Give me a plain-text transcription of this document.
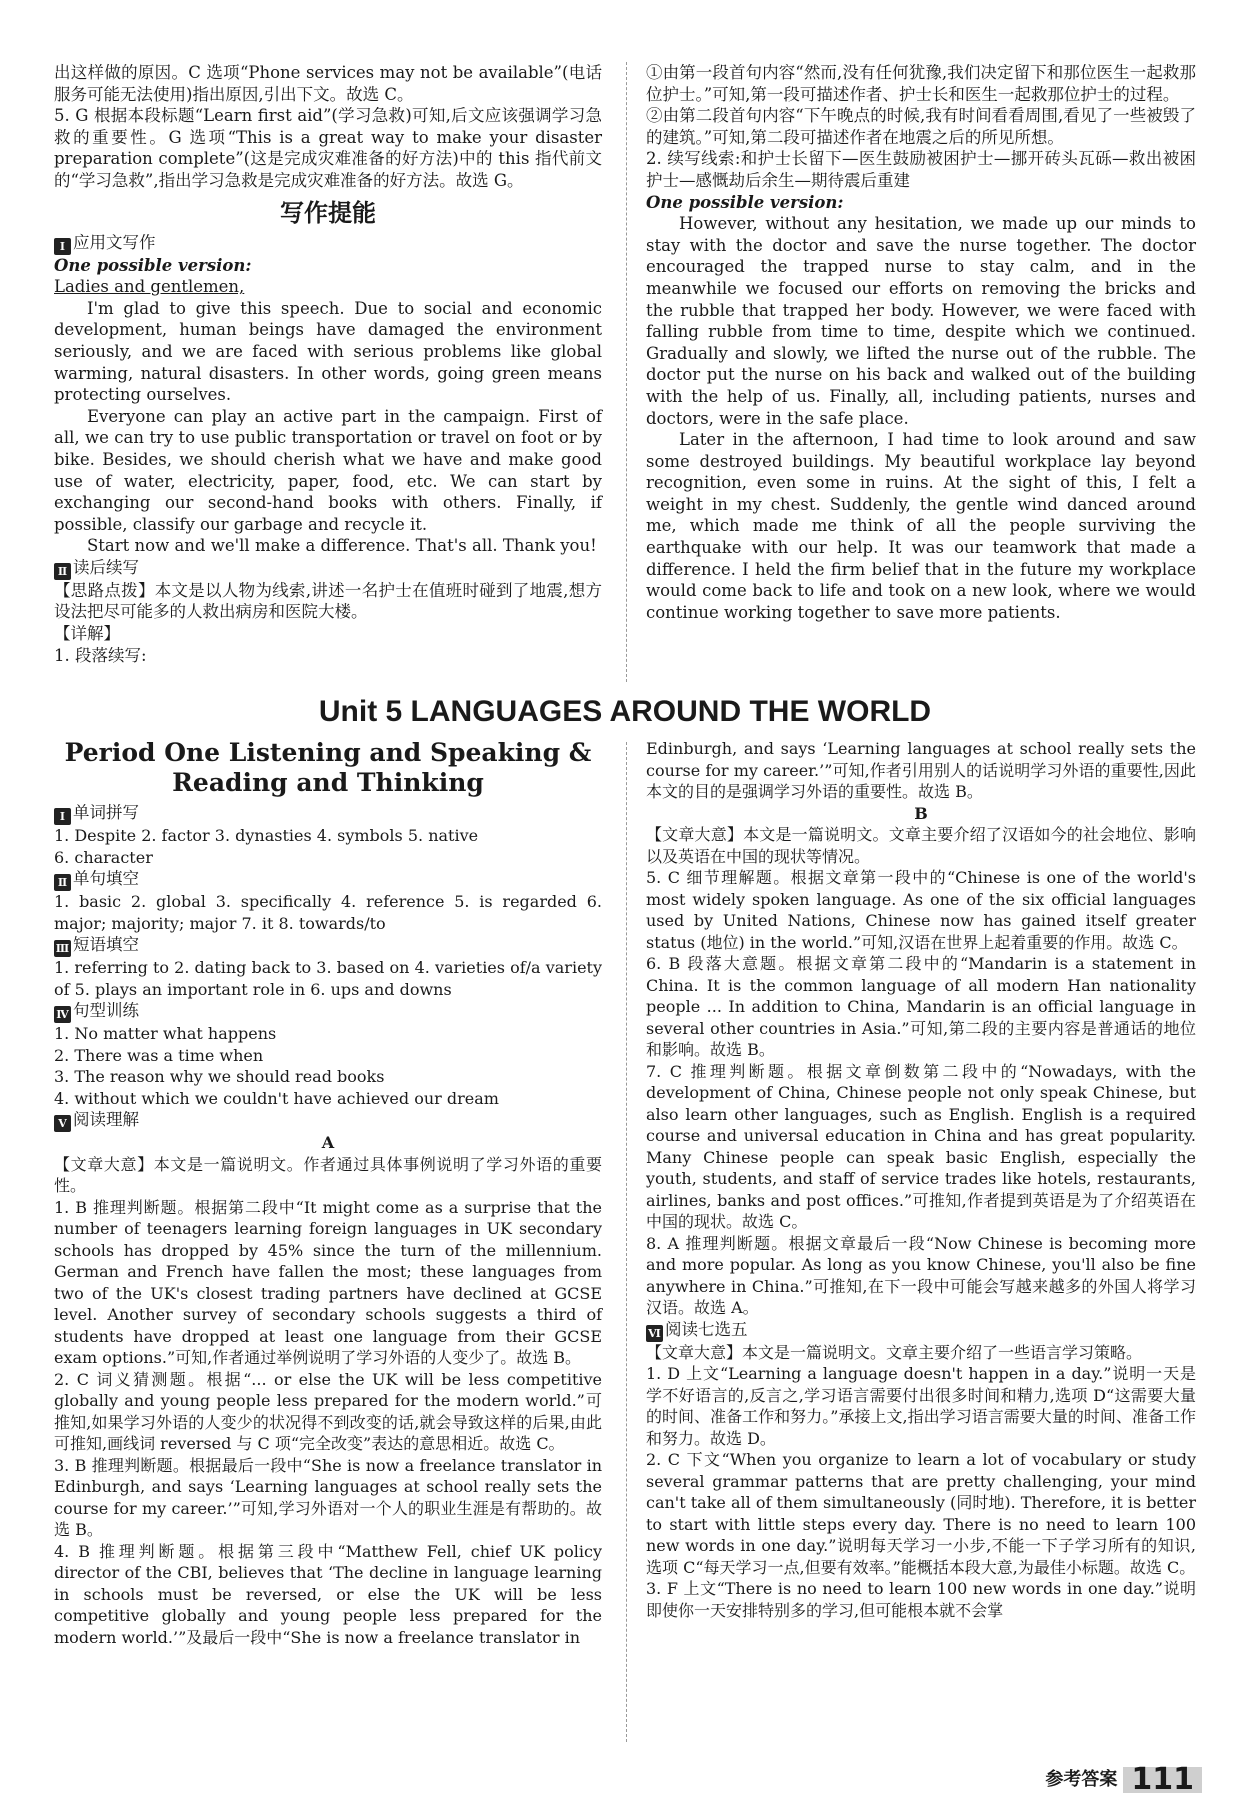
出这样做的原因。C 选项“Phone services may not be available”(电话服务可能无法使用)指出原因,引出下文。故选 C。

5. G 根据本段标题“Learn first aid”(学习急救)可知,后文应该强调学习急救的重要性。G 选项“This is a great way to make your disaster preparation complete”(这是完成灾难准备的好方法)中的 this 指代前文的“学习急救”,指出学习急救是完成灾难准备的好方法。故选 G。

写作提能

Ⅰ 应用文写作

One possible version:

Ladies and gentlemen,

I'm glad to give this speech. Due to social and economic development, human beings have damaged the environment seriously, and we are faced with serious problems like global warming, natural disasters. In other words, going green means protecting ourselves.

Everyone can play an active part in the campaign. First of all, we can try to use public transportation or travel on foot or by bike. Besides, we should cherish what we have and make good use of water, electricity, paper, food, etc. We can start by exchanging our second-hand books with others. Finally, if possible, classify our garbage and recycle it.

Start now and we'll make a difference. That's all. Thank you!

Ⅱ 读后续写

【思路点拨】本文是以人物为线索,讲述一名护士在值班时碰到了地震,想方设法把尽可能多的人救出病房和医院大楼。

【详解】

1. 段落续写:

①由第一段首句内容“然而,没有任何犹豫,我们决定留下和那位医生一起救那位护士。”可知,第一段可描述作者、护士长和医生一起救那位护士的过程。

②由第二段首句内容“下午晚点的时候,我有时间看看周围,看见了一些被毁了的建筑。”可知,第二段可描述作者在地震之后的所见所想。

2. 续写线索:和护士长留下—医生鼓励被困护士—挪开砖头瓦砾—救出被困护士—感慨劫后余生—期待震后重建

One possible version:

However, without any hesitation, we made up our minds to stay with the doctor and save the nurse together. The doctor encouraged the trapped nurse to stay calm, and in the meanwhile we focused our efforts on removing the bricks and the rubble that trapped her body. However, we were faced with falling rubble from time to time, despite which we continued. Gradually and slowly, we lifted the nurse out of the rubble. The doctor put the nurse on his back and walked out of the building with the help of us. Finally, all, including patients, nurses and doctors, were in the safe place.

Later in the afternoon, I had time to look around and saw some destroyed buildings. My beautiful workplace lay beyond recognition, even some in ruins. At the sight of this, I felt a weight in my chest. Suddenly, the gentle wind danced around me, which made me think of all the people surviving the earthquake with our help. It was our teamwork that made a difference. I held the firm belief that in the future my workplace would come back to life and took on a new look, where we would continue working together to save more patients.

Unit 5 LANGUAGES AROUND THE WORLD
Period One Listening and Speaking &
Reading and Thinking

Ⅰ 单词拼写

1. Despite 2. factor 3. dynasties 4. symbols 5. native

6. character

Ⅱ 单句填空

1. basic 2. global 3. specifically 4. reference 5. is regarded 6. major; majority; major 7. it 8. towards/to

Ⅲ 短语填空

1. referring to 2. dating back to 3. based on 4. varieties of/a variety of 5. plays an important role in 6. ups and downs

Ⅳ 句型训练

1. No matter what happens

2. There was a time when

3. The reason why we should read books

4. without which we couldn't have achieved our dream

Ⅴ 阅读理解

A

【文章大意】本文是一篇说明文。作者通过具体事例说明了学习外语的重要性。

1. B 推理判断题。根据第二段中“It might come as a surprise that the number of teenagers learning foreign languages in UK secondary schools has dropped by 45% since the turn of the millennium. German and French have fallen the most; these languages from two of the UK's closest trading partners have declined at GCSE level. Another survey of secondary schools suggests a third of students have dropped at least one language from their GCSE exam options.”可知,作者通过举例说明了学习外语的人变少了。故选 B。

2. C 词义猜测题。根据“... or else the UK will be less competitive globally and young people less prepared for the modern world.”可推知,如果学习外语的人变少的状况得不到改变的话,就会导致这样的后果,由此可推知,画线词 reversed 与 C 项“完全改变”表达的意思相近。故选 C。

3. B 推理判断题。根据最后一段中“She is now a freelance translator in Edinburgh, and says ‘Learning languages at school really sets the course for my career.’”可知,学习外语对一个人的职业生涯是有帮助的。故选 B。

4. B 推理判断题。根据第三段中“Matthew Fell, chief UK policy director of the CBI, believes that ‘The decline in language learning in schools must be reversed, or else the UK will be less competitive globally and young people less prepared for the modern world.’”及最后一段中“She is now a freelance translator in

Edinburgh, and says ‘Learning languages at school really sets the course for my career.’”可知,作者引用别人的话说明学习外语的重要性,因此本文的目的是强调学习外语的重要性。故选 B。

B

【文章大意】本文是一篇说明文。文章主要介绍了汉语如今的社会地位、影响以及英语在中国的现状等情况。

5. C 细节理解题。根据文章第一段中的“Chinese is one of the world's most widely spoken language. As one of the six official languages used by United Nations, Chinese now has gained itself greater status (地位) in the world.”可知,汉语在世界上起着重要的作用。故选 C。

6. B 段落大意题。根据文章第二段中的“Mandarin is a statement in China. It is the common language of all modern Han nationality people ... In addition to China, Mandarin is an official language in several other countries in Asia.”可知,第二段的主要内容是普通话的地位和影响。故选 B。

7. C 推理判断题。根据文章倒数第二段中的“Nowadays, with the development of China, Chinese people not only speak Chinese, but also learn other languages, such as English. English is a required course and universal education in China and has great popularity. Many Chinese people can speak basic English, especially the youth, students, and staff of service trades like hotels, restaurants, airlines, banks and post offices.”可推知,作者提到英语是为了介绍英语在中国的现状。故选 C。

8. A 推理判断题。根据文章最后一段“Now Chinese is becoming more and more popular. As long as you know Chinese, you'll also be fine anywhere in China.”可推知,在下一段中可能会写越来越多的外国人将学习汉语。故选 A。

Ⅵ 阅读七选五

【文章大意】本文是一篇说明文。文章主要介绍了一些语言学习策略。

1. D 上文“Learning a language doesn't happen in a day.”说明一天是学不好语言的,反言之,学习语言需要付出很多时间和精力,选项 D“这需要大量的时间、准备工作和努力。”承接上文,指出学习语言需要大量的时间、准备工作和努力。故选 D。

2. C 下文“When you organize to learn a lot of vocabulary or study several grammar patterns that are pretty challenging, your mind can't take all of them simultaneously (同时地). Therefore, it is better to start with little steps every day. There is no need to learn 100 new words in one day.”说明每天学习一小步,不能一下子学习所有的知识,选项 C“每天学习一点,但要有效率。”能概括本段大意,为最佳小标题。故选 C。

3. F 上文“There is no need to learn 100 new words in one day.”说明即使你一天安排特别多的学习,但可能根本就不会掌

参考答案 111
